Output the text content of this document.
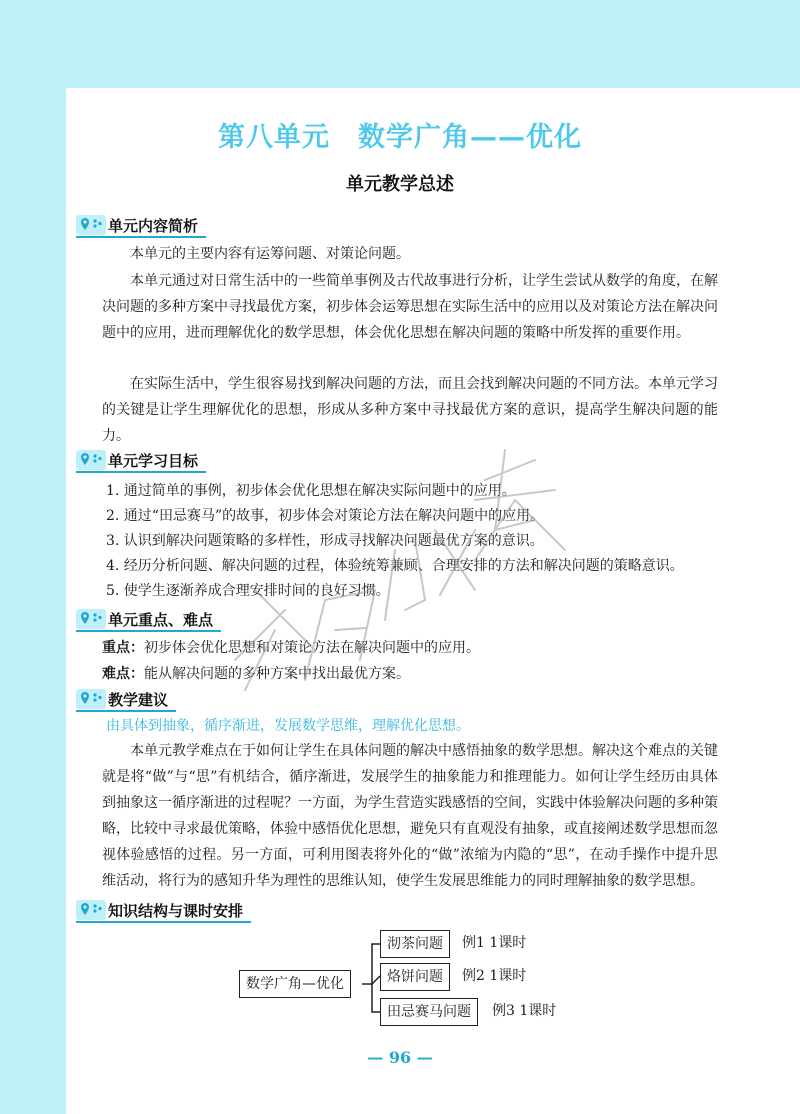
第八单元　数学广角——优化
单元教学总述
单元内容简析
本单元的主要内容有运筹问题、对策论问题。
本单元通过对日常生活中的一些简单事例及古代故事进行分析，让学生尝试从数学的角度，在解决问题的多种方案中寻找最优方案，初步体会运筹思想在实际生活中的应用以及对策论方法在解决问题中的应用，进而理解优化的数学思想，体会优化思想在解决问题的策略中所发挥的重要作用。
在实际生活中，学生很容易找到解决问题的方法，而且会找到解决问题的不同方法。本单元学习的关键是让学生理解优化的思想，形成从多种方案中寻找最优方案的意识，提高学生解决问题的能力。
单元学习目标
1. 通过简单的事例，初步体会优化思想在解决实际问题中的应用。
2. 通过“田忌赛马”的故事，初步体会对策论方法在解决问题中的应用。
3. 认识到解决问题策略的多样性，形成寻找解决问题最优方案的意识。
4. 经历分析问题、解决问题的过程，体验统筹兼顾、合理安排的方法和解决问题的策略意识。
5. 使学生逐渐养成合理安排时间的良好习惯。
单元重点、难点
重点：初步体会优化思想和对策论方法在解决问题中的应用。
难点：能从解决问题的多种方案中找出最优方案。
教学建议
由具体到抽象，循序渐进，发展数学思维，理解优化思想。
本单元教学难点在于如何让学生在具体问题的解决中感悟抽象的数学思想。解决这个难点的关键就是将“做”与“思”有机结合，循序渐进，发展学生的抽象能力和推理能力。如何让学生经历由具体到抽象这一循序渐进的过程呢？一方面，为学生营造实践感悟的空间，实践中体验解决问题的多种策略，比较中寻求最优策略，体验中感悟优化思想，避免只有直观没有抽象，或直接阐述数学思想而忽视体验感悟的过程。另一方面，可利用图表将外化的“做”浓缩为内隐的“思”，在动手操作中提升思维活动，将行为的感知升华为理性的思维认知，使学生发展思维能力的同时理解抽象的数学思想。
知识结构与课时安排
数学广角—优化
沏茶问题	例1 1课时
烙饼问题	例2 1课时
田忌赛马问题	例3 1课时
— 96 —
